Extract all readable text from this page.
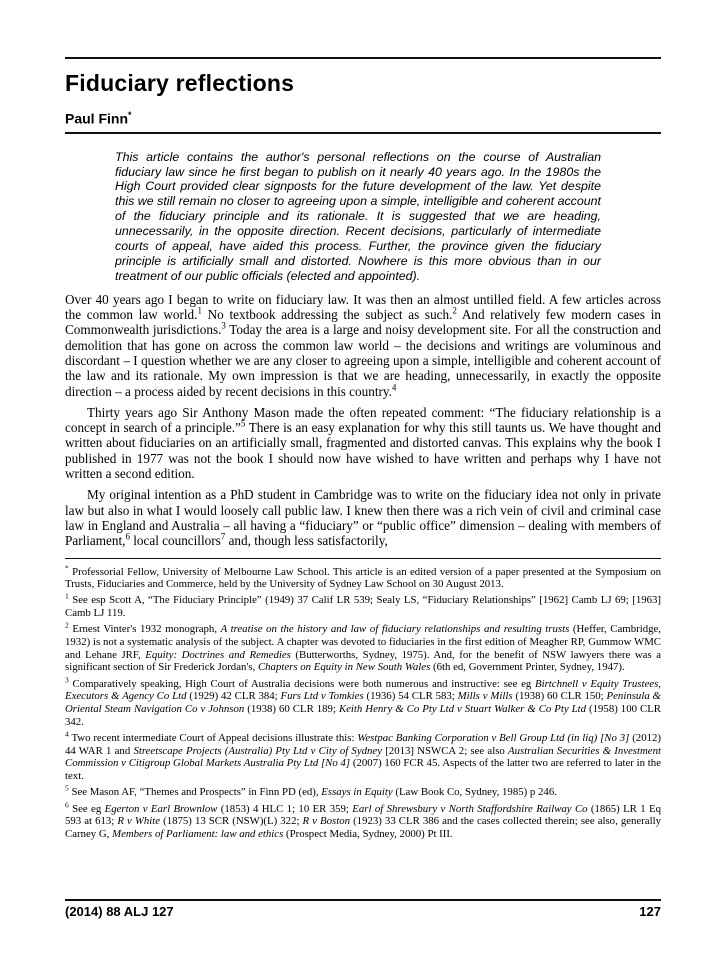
Fiduciary reflections
Paul Finn*
This article contains the author's personal reflections on the course of Australian fiduciary law since he first began to publish on it nearly 40 years ago. In the 1980s the High Court provided clear signposts for the future development of the law. Yet despite this we still remain no closer to agreeing upon a simple, intelligible and coherent account of the fiduciary principle and its rationale. It is suggested that we are heading, unnecessarily, in the opposite direction. Recent decisions, particularly of intermediate courts of appeal, have aided this process. Further, the province given the fiduciary principle is artificially small and distorted. Nowhere is this more obvious than in our treatment of our public officials (elected and appointed).

Over 40 years ago I began to write on fiduciary law. It was then an almost untilled field. A few articles across the common law world.$^1$ No textbook addressing the subject as such.$^2$ And relatively few modern cases in Commonwealth jurisdictions.$^3$ Today the area is a large and noisy development site. For all the construction and demolition that has gone on across the common law world – the decisions and writings are voluminous and discordant – I question whether we are any closer to agreeing upon a simple, intelligible and coherent account of the law and its rationale. My own impression is that we are heading, unnecessarily, in exactly the opposite direction – a process aided by recent decisions in this country.$^4$

Thirty years ago Sir Anthony Mason made the often repeated comment: “The fiduciary relationship is a concept in search of a principle.”$^5$ There is an easy explanation for why this still taunts us. We have thought and written about fiduciaries on an artificially small, fragmented and distorted canvas. This explains why the book I published in 1977 was not the book I should now have wished to have written and perhaps why I have not written a second edition.

My original intention as a PhD student in Cambridge was to write on the fiduciary idea not only in private law but also in what I would loosely call public law. I knew then there was a rich vein of civil and criminal case law in England and Australia – all having a “fiduciary” or “public office” dimension – dealing with members of Parliament,$^6$ local councillors$^7$ and, though less satisfactorily,

* Professorial Fellow, University of Melbourne Law School. This article is an edited version of a paper presented at the Symposium on Trusts, Fiduciaries and Commerce, held by the University of Sydney Law School on 30 August 2013.
$^1$ See esp Scott A, “The Fiduciary Principle” (1949) 37 Calif LR 539; Sealy LS, “Fiduciary Relationships” [1962] Camb LJ 69; [1963] Camb LJ 119.
$^2$ Ernest Vinter's 1932 monograph, A treatise on the history and law of fiduciary relationships and resulting trusts (Heffer, Cambridge, 1932) is not a systematic analysis of the subject. A chapter was devoted to fiduciaries in the first edition of Meagher RP, Gummow WMC and Lehane JRF, Equity: Doctrines and Remedies (Butterworths, Sydney, 1975). And, for the benefit of NSW lawyers there was a significant section of Sir Frederick Jordan's, Chapters on Equity in New South Wales (6th ed, Government Printer, Sydney, 1947).
$^3$ Comparatively speaking, High Court of Australia decisions were both numerous and instructive: see eg Birtchnell v Equity Trustees, Executors & Agency Co Ltd (1929) 42 CLR 384; Furs Ltd v Tomkies (1936) 54 CLR 583; Mills v Mills (1938) 60 CLR 150; Peninsula & Oriental Steam Navigation Co v Johnson (1938) 60 CLR 189; Keith Henry & Co Pty Ltd v Stuart Walker & Co Pty Ltd (1958) 100 CLR 342.
$^4$ Two recent intermediate Court of Appeal decisions illustrate this: Westpac Banking Corporation v Bell Group Ltd (in liq) [No 3] (2012) 44 WAR 1 and Streetscape Projects (Australia) Pty Ltd v City of Sydney [2013] NSWCA 2; see also Australian Securities & Investment Commission v Citigroup Global Markets Australia Pty Ltd [No 4] (2007) 160 FCR 45. Aspects of the latter two are referred to later in the text.
$^5$ See Mason AF, “Themes and Prospects” in Finn PD (ed), Essays in Equity (Law Book Co, Sydney, 1985) p 246.
$^6$ See eg Egerton v Earl Brownlow (1853) 4 HLC 1; 10 ER 359; Earl of Shrewsbury v North Staffordshire Railway Co (1865) LR 1 Eq 593 at 613; R v White (1875) 13 SCR (NSW)(L) 322; R v Boston (1923) 33 CLR 386 and the cases collected therein; see also, generally Carney G, Members of Parliament: law and ethics (Prospect Media, Sydney, 2000) Pt III.
(2014) 88 ALJ 127	127
